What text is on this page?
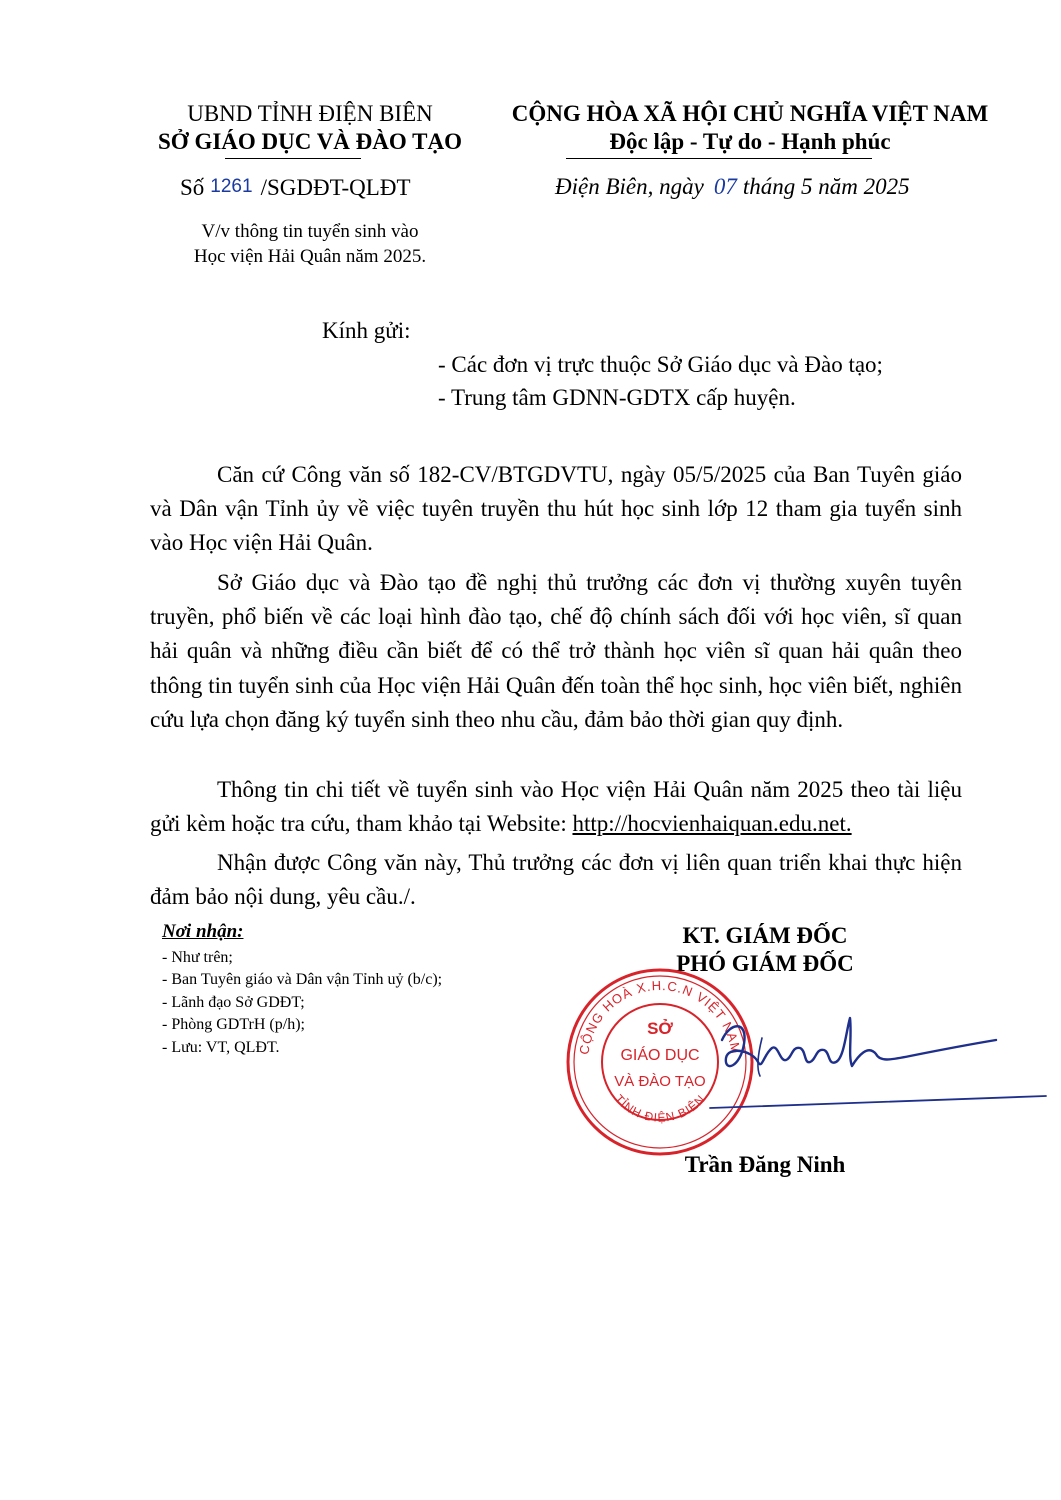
UBND TỈNH ĐIỆN BIÊN
SỞ GIÁO DỤC VÀ ĐÀO TẠO
Số 1261 /SGDĐT-QLĐT
V/v thông tin tuyển sinh vào
Học viện Hải Quân năm 2025.
CỘNG HÒA XÃ HỘI CHỦ NGHĨA VIỆT NAM
Độc lập - Tự do - Hạnh phúc
Điện Biên, ngày 07 tháng 5 năm 2025
Kính gửi:
- Các đơn vị trực thuộc Sở Giáo dục và Đào tạo;
- Trung tâm GDNN-GDTX cấp huyện.
Căn cứ Công văn số 182-CV/BTGDVTU, ngày 05/5/2025 của Ban Tuyên giáo và Dân vận Tỉnh ủy về việc tuyên truyền thu hút học sinh lớp 12 tham gia tuyển sinh vào Học viện Hải Quân.
Sở Giáo dục và Đào tạo đề nghị thủ trưởng các đơn vị thường xuyên tuyên truyền, phổ biến về các loại hình đào tạo, chế độ chính sách đối với học viên, sĩ quan hải quân và những điều cần biết để có thể trở thành học viên sĩ quan hải quân theo thông tin tuyển sinh của Học viện Hải Quân đến toàn thể học sinh, học viên biết, nghiên cứu lựa chọn đăng ký tuyển sinh theo nhu cầu, đảm bảo thời gian quy định.
Thông tin chi tiết về tuyển sinh vào Học viện Hải Quân năm 2025 theo tài liệu gửi kèm hoặc tra cứu, tham khảo tại Website: http://hocvienhaiquan.edu.net.
Nhận được Công văn này, Thủ trưởng các đơn vị liên quan triển khai thực hiện đảm bảo nội dung, yêu cầu./.
Nơi nhận:
- Như trên;
- Ban Tuyên giáo và Dân vận Tỉnh uỷ (b/c);
- Lãnh đạo Sở GDĐT;
- Phòng GDTrH (p/h);
- Lưu: VT, QLĐT.
KT. GIÁM ĐỐC
PHÓ GIÁM ĐỐC
CỘNG HOÀ X.H.C.N VIỆT NAM
TỈNH ĐIỆN BIÊN
SỞ
GIÁO DỤC
VÀ ĐÀO TẠO
Trần Đăng Ninh
